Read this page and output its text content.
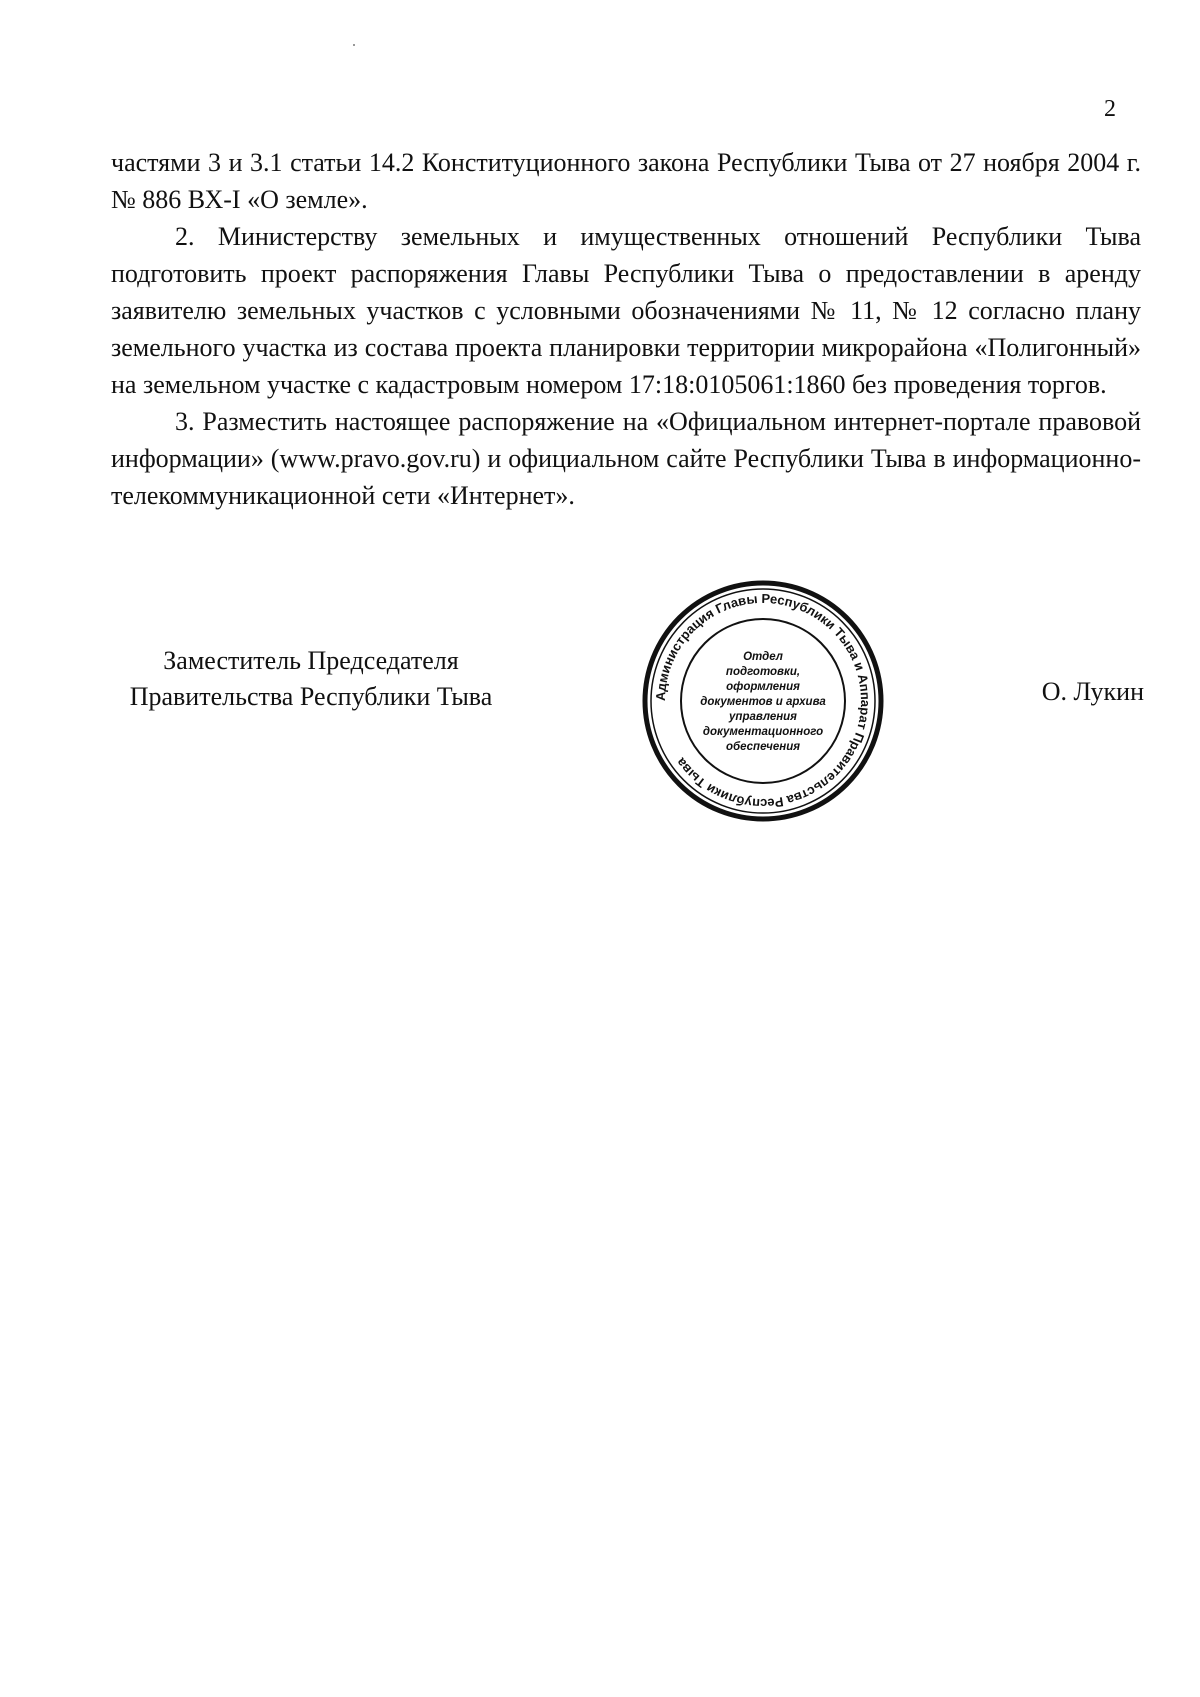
2

частями 3 и 3.1 статьи 14.2 Конституционного закона Республики Тыва от 27 ноября 2004 г. № 886 ВХ-I «О земле».

2. Министерству земельных и имущественных отношений Республики Тыва подготовить проект распоряжения Главы Республики Тыва о предоставлении в аренду заявителю земельных участков с условными обозначениями № 11, № 12 согласно плану земельного участка из состава проекта планировки территории микрорайона «Полигонный» на земельном участке с кадастровым номером 17:18:0105061:1860 без проведения торгов.

3. Разместить настоящее распоряжение на «Официальном интернет-портале правовой информации» (www.pravo.gov.ru) и официальном сайте Республики Тыва в информационно-телекоммуникационной сети «Интернет».

Заместитель Председателя
Правительства Республики Тыва	Администрация Главы Республики Тыва и Аппарат Правительства Республики Тыва
Отдел
подготовки,
оформления
документов и архива
управления
документационного
обеспечения
О. Лукин
